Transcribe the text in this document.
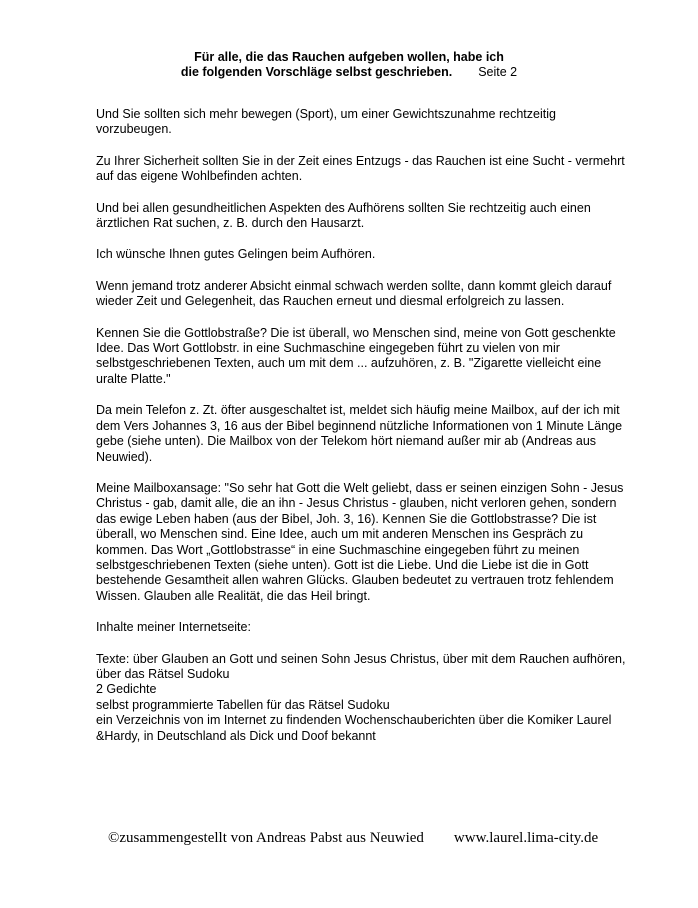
Für alle, die das Rauchen aufgeben wollen, habe ich
die folgenden Vorschläge selbst geschrieben. Seite 2

Und Sie sollten sich mehr bewegen (Sport), um einer Gewichtszunahme rechtzeitig vorzubeugen.

Zu Ihrer Sicherheit sollten Sie in der Zeit eines Entzugs - das Rauchen ist eine Sucht - vermehrt auf das eigene Wohlbefinden achten.

Und bei allen gesundheitlichen Aspekten des Aufhörens sollten Sie rechtzeitig auch einen ärztlichen Rat suchen, z. B. durch den Hausarzt.

Ich wünsche Ihnen gutes Gelingen beim Aufhören.

Wenn jemand trotz anderer Absicht einmal schwach werden sollte, dann kommt gleich darauf wieder Zeit und Gelegenheit, das Rauchen erneut und diesmal erfolgreich zu lassen.

Kennen Sie die Gottlobstraße? Die ist überall, wo Menschen sind, meine von Gott geschenkte Idee. Das Wort Gottlobstr. in eine Suchmaschine eingegeben führt zu vielen von mir selbstgeschriebenen Texten, auch um mit dem ... aufzuhören, z. B. "Zigarette vielleicht eine uralte Platte."

Da mein Telefon z. Zt. öfter ausgeschaltet ist, meldet sich häufig meine Mailbox, auf der ich mit dem Vers Johannes 3, 16 aus der Bibel beginnend nützliche Informationen von 1 Minute Länge gebe (siehe unten). Die Mailbox von der Telekom hört niemand außer mir ab (Andreas aus Neuwied).

Meine Mailboxansage: "So sehr hat Gott die Welt geliebt, dass er seinen einzigen Sohn - Jesus Christus - gab, damit alle, die an ihn - Jesus Christus - glauben, nicht verloren gehen, sondern das ewige Leben haben (aus der Bibel, Joh. 3, 16). Kennen Sie die Gottlobstrasse? Die ist überall, wo Menschen sind. Eine Idee, auch um mit anderen Menschen ins Gespräch zu kommen. Das Wort „Gottlobstrasse“ in eine Suchmaschine eingegeben führt zu meinen selbstgeschriebenen Texten (siehe unten). Gott ist die Liebe. Und die Liebe ist die in Gott bestehende Gesamtheit allen wahren Glücks. Glauben bedeutet zu vertrauen trotz fehlendem Wissen. Glauben alle Realität, die das Heil bringt.

Inhalte meiner Internetseite:

Texte: über Glauben an Gott und seinen Sohn Jesus Christus, über mit dem Rauchen aufhören, über das Rätsel Sudoku

2 Gedichte

selbst programmierte Tabellen für das Rätsel Sudoku

ein Verzeichnis von im Internet zu findenden Wochenschauberichten über die Komiker Laurel &Hardy, in Deutschland als Dick und Doof bekannt

©zusammengestellt von Andreas Pabst aus Neuwied www.laurel.lima-city.de
